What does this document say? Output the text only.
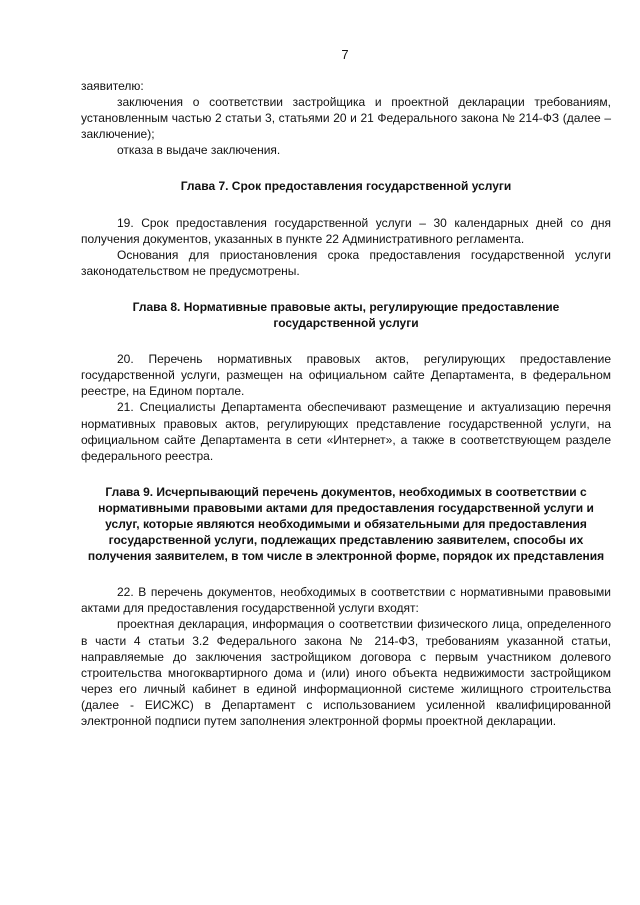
7

заявителю:

заключения о соответствии застройщика и проектной декларации требованиям, установленным частью 2 статьи 3, статьями 20 и 21 Федерального закона № 214-ФЗ (далее – заключение);

отказа в выдаче заключения.

Глава 7. Срок предоставления государственной услуги

19. Срок предоставления государственной услуги – 30 календарных дней со дня получения документов, указанных в пункте 22 Административного регламента.

Основания для приостановления срока предоставления государственной услуги законодательством не предусмотрены.

Глава 8. Нормативные правовые акты, регулирующие предоставление государственной услуги

20. Перечень нормативных правовых актов, регулирующих предоставление государственной услуги, размещен на официальном сайте Департамента, в федеральном реестре, на Едином портале.

21. Специалисты Департамента обеспечивают размещение и актуализацию перечня нормативных правовых актов, регулирующих представление государственной услуги, на официальном сайте Департамента в сети «Интернет», а также в соответствующем разделе федерального реестра.

Глава 9. Исчерпывающий перечень документов, необходимых в соответствии с нормативными правовыми актами для предоставления государственной услуги и услуг, которые являются необходимыми и обязательными для предоставления государственной услуги, подлежащих представлению заявителем, способы их получения заявителем, в том числе в электронной форме, порядок их представления

22. В перечень документов, необходимых в соответствии с нормативными правовыми актами для предоставления государственной услуги входят:

проектная декларация, информация о соответствии физического лица, определенного в части 4 статьи 3.2 Федерального закона № 214-ФЗ, требованиям указанной статьи, направляемые до заключения застройщиком договора с первым участником долевого строительства многоквартирного дома и (или) иного объекта недвижимости застройщиком через его личный кабинет в единой информационной системе жилищного строительства (далее - ЕИСЖС) в Департамент с использованием усиленной квалифицированной электронной подписи путем заполнения электронной формы проектной декларации.
